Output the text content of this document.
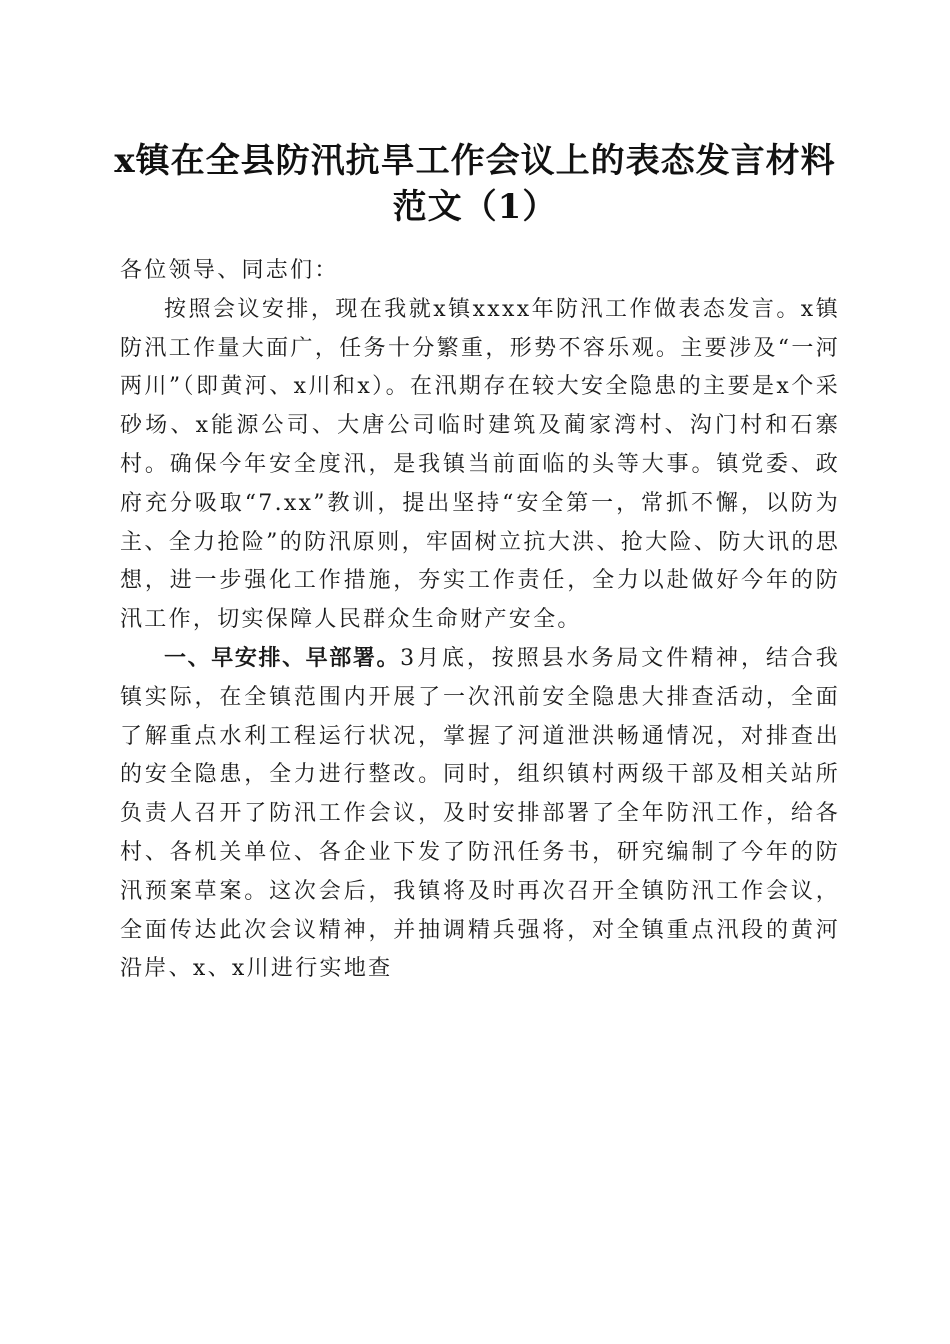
x镇在全县防汛抗旱工作会议上的表态发言材料范文（1）

各位领导、同志们：

按照会议安排，现在我就x镇xxxx年防汛工作做表态发言。x镇防汛工作量大面广，任务十分繁重，形势不容乐观。主要涉及“一河两川”（即黄河、x川和x）。在汛期存在较大安全隐患的主要是x个采砂场、x能源公司、大唐公司临时建筑及蔺家湾村、沟门村和石寨村。确保今年安全度汛，是我镇当前面临的头等大事。镇党委、政府充分吸取“7.xx”教训，提出坚持“安全第一，常抓不懈，以防为主、全力抢险”的防汛原则，牢固树立抗大洪、抢大险、防大讯的思想，进一步强化工作措施，夯实工作责任，全力以赴做好今年的防汛工作，切实保障人民群众生命财产安全。

一、早安排、早部署。3月底，按照县水务局文件精神，结合我镇实际，在全镇范围内开展了一次汛前安全隐患大排查活动，全面了解重点水利工程运行状况，掌握了河道泄洪畅通情况，对排查出的安全隐患，全力进行整改。同时，组织镇村两级干部及相关站所负责人召开了防汛工作会议，及时安排部署了全年防汛工作，给各村、各机关单位、各企业下发了防汛任务书，研究编制了今年的防汛预案草案。这次会后，我镇将及时再次召开全镇防汛工作会议，全面传达此次会议精神，并抽调精兵强将，对全镇重点汛段的黄河沿岸、x、x川进行实地查
